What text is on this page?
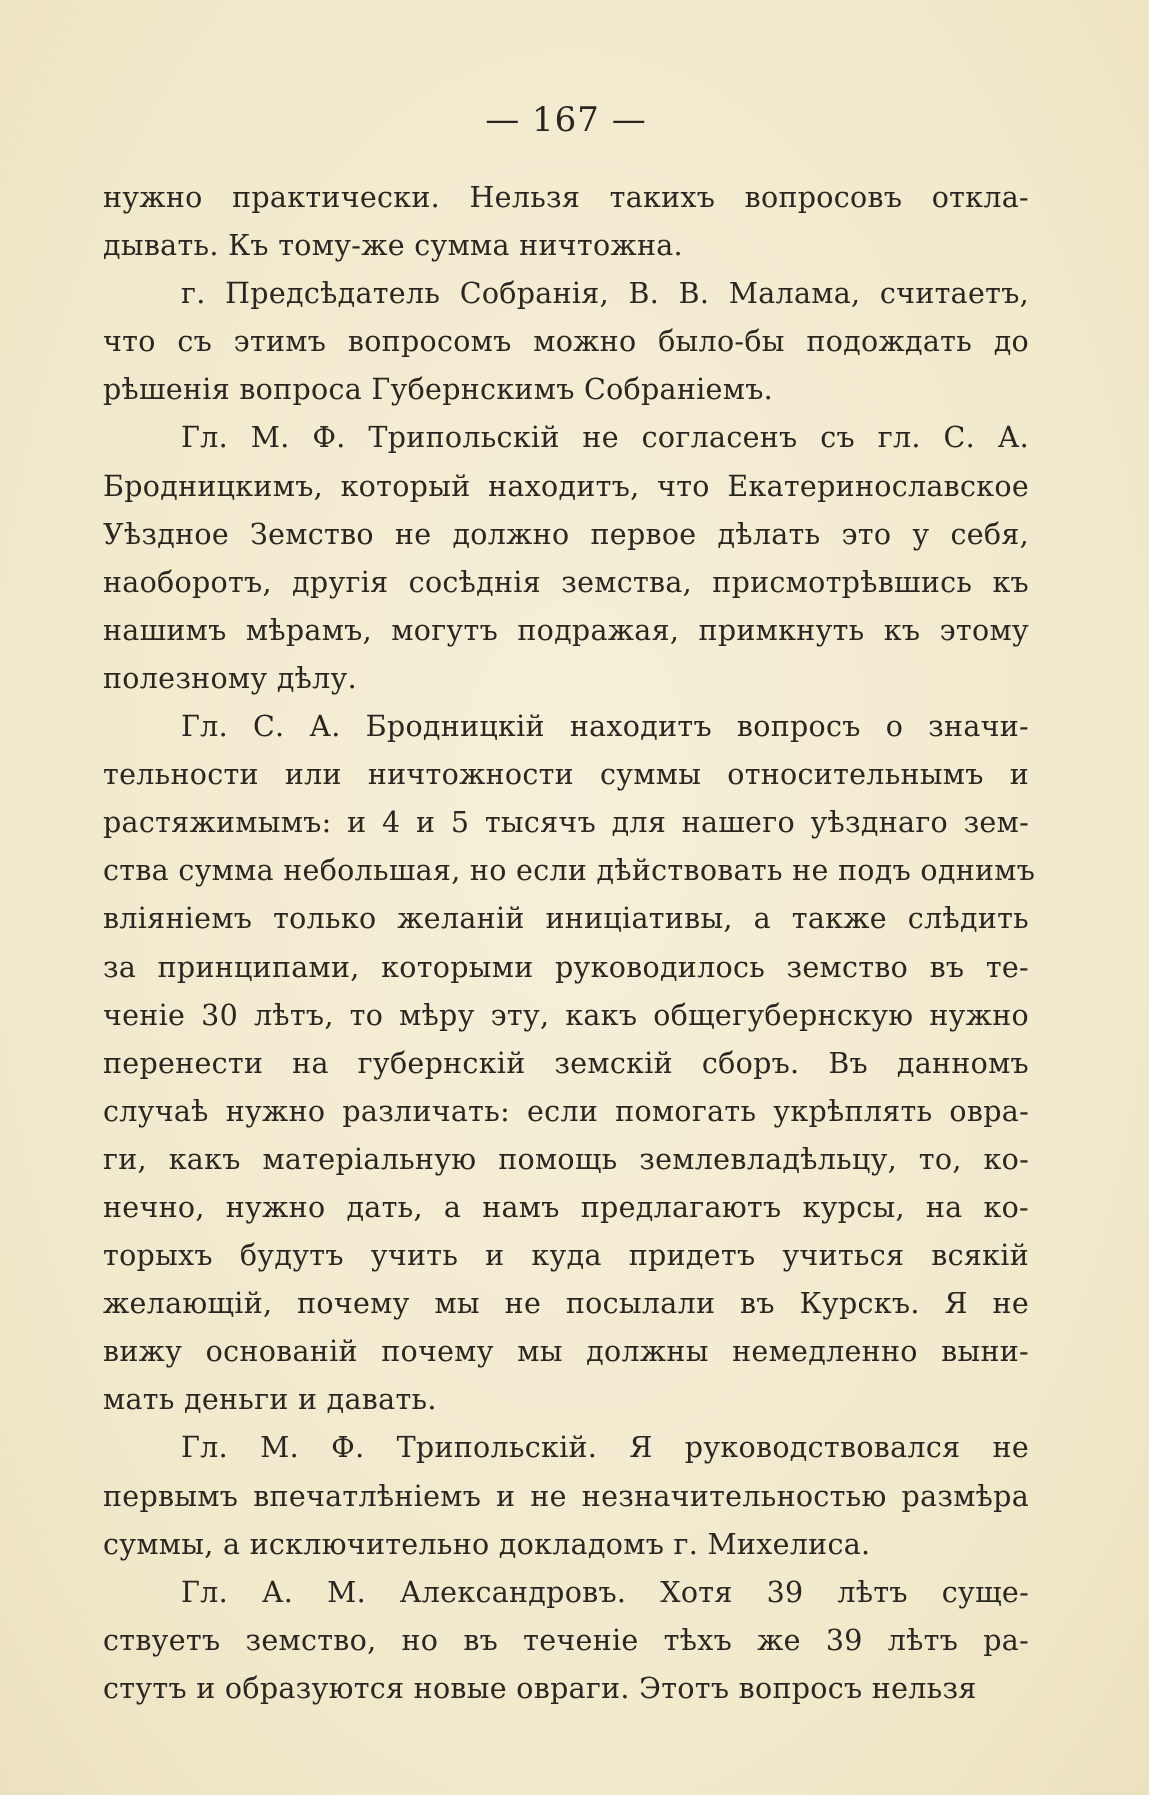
— 167 —
нужно практически. Нельзя такихъ вопросовъ откла-
дывать. Къ тому-же сумма ничтожна.
г. Предсѣдатель Собранія, В. В. Малама, считаетъ,
что съ этимъ вопросомъ можно было-бы подождать до
рѣшенія вопроса Губернскимъ Собраніемъ.
Гл. М. Ф. Трипольскій не согласенъ съ гл. С. А.
Бродницкимъ, который находитъ, что Екатеринославское
Уѣздное Земство не должно первое дѣлать это у себя,
наоборотъ, другія сосѣднія земства, присмотрѣвшись къ
нашимъ мѣрамъ, могутъ подражая, примкнуть къ этому
полезному дѣлу.
Гл. С. А. Бродницкій находитъ вопросъ о значи-
тельности или ничтожности суммы относительнымъ и
растяжимымъ: и 4 и 5 тысячъ для нашего уѣзднаго зем-
ства сумма небольшая, но если дѣйствовать не подъ однимъ
вліяніемъ только желаній иниціативы, а также слѣдить
за принципами, которыми руководилось земство въ те-
ченіе 30 лѣтъ, то мѣру эту, какъ общегубернскую нужно
перенести на губернскій земскій сборъ. Въ данномъ
случаѣ нужно различать: если помогать укрѣплять овра-
ги, какъ матеріальную помощь землевладѣльцу, то, ко-
нечно, нужно дать, а намъ предлагаютъ курсы, на ко-
торыхъ будутъ учить и куда придетъ учиться всякій
желающій, почему мы не посылали въ Курскъ. Я не
вижу основаній почему мы должны немедленно выни-
мать деньги и давать.
Гл. М. Ф. Трипольскій. Я руководствовался не
первымъ впечатлѣніемъ и не незначительностью размѣра
суммы, а исключительно докладомъ г. Михелиса.
Гл. А. М. Александровъ. Хотя 39 лѣтъ суще-
ствуетъ земство, но въ теченіе тѣхъ же 39 лѣтъ ра-
стутъ и образуются новые овраги. Этотъ вопросъ нельзя
